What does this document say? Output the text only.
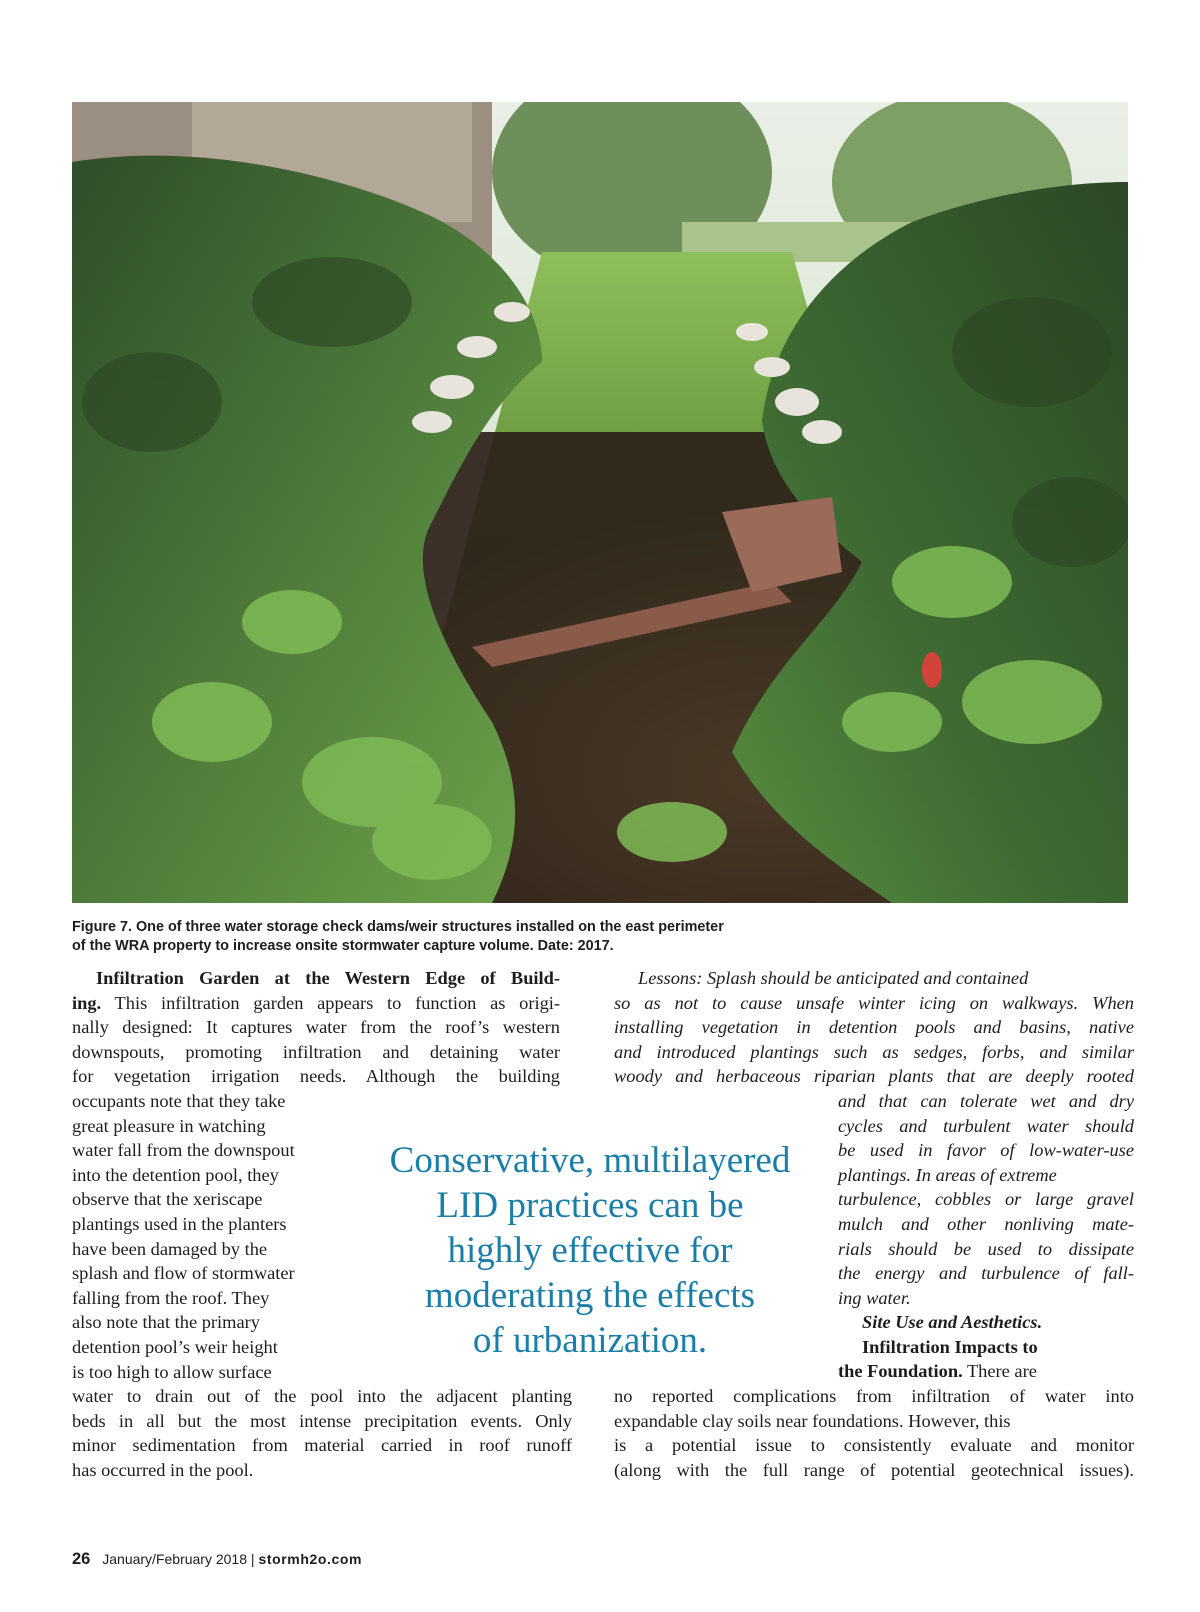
Figure 7. One of three water storage check dams/weir structures installed on the east perimeter
of the WRA property to increase onsite stormwater capture volume. Date: 2017.
Infiltration Garden at the Western Edge of Build-
ing. This infiltration garden appears to function as origi-
nally designed: It captures water from the roof’s western
downspouts, promoting infiltration and detaining water
for vegetation irrigation needs. Although the building
occupants note that they take
great pleasure in watching
water fall from the downspout
into the detention pool, they
observe that the xeriscape
plantings used in the planters
have been damaged by the
splash and flow of stormwater
falling from the roof. They
also note that the primary
detention pool’s weir height
is too high to allow surface
water to drain out of the pool into the adjacent planting
beds in all but the most intense precipitation events. Only
minor sedimentation from material carried in roof runoff
has occurred in the pool.
Lessons: Splash should be anticipated and contained
so as not to cause unsafe winter icing on walkways. When
installing vegetation in detention pools and basins, native
and introduced plantings such as sedges, forbs, and similar
woody and herbaceous riparian plants that are deeply rooted
and that can tolerate wet and dry
cycles and turbulent water should
be used in favor of low-water-use
plantings. In areas of extreme
turbulence, cobbles or large gravel
mulch and other nonliving mate-
rials should be used to dissipate
the energy and turbulence of fall-
ing water.
Site Use and Aesthetics.
Infiltration Impacts to
the Foundation. There are
no reported complications from infiltration of water into
expandable clay soils near foundations. However, this
is a potential issue to consistently evaluate and monitor
(along with the full range of potential geotechnical issues).
Conservative, multilayered
LID practices can be
highly effective for
moderating the effects
of urbanization.
26 January/February 2018 | stormh2o.com
